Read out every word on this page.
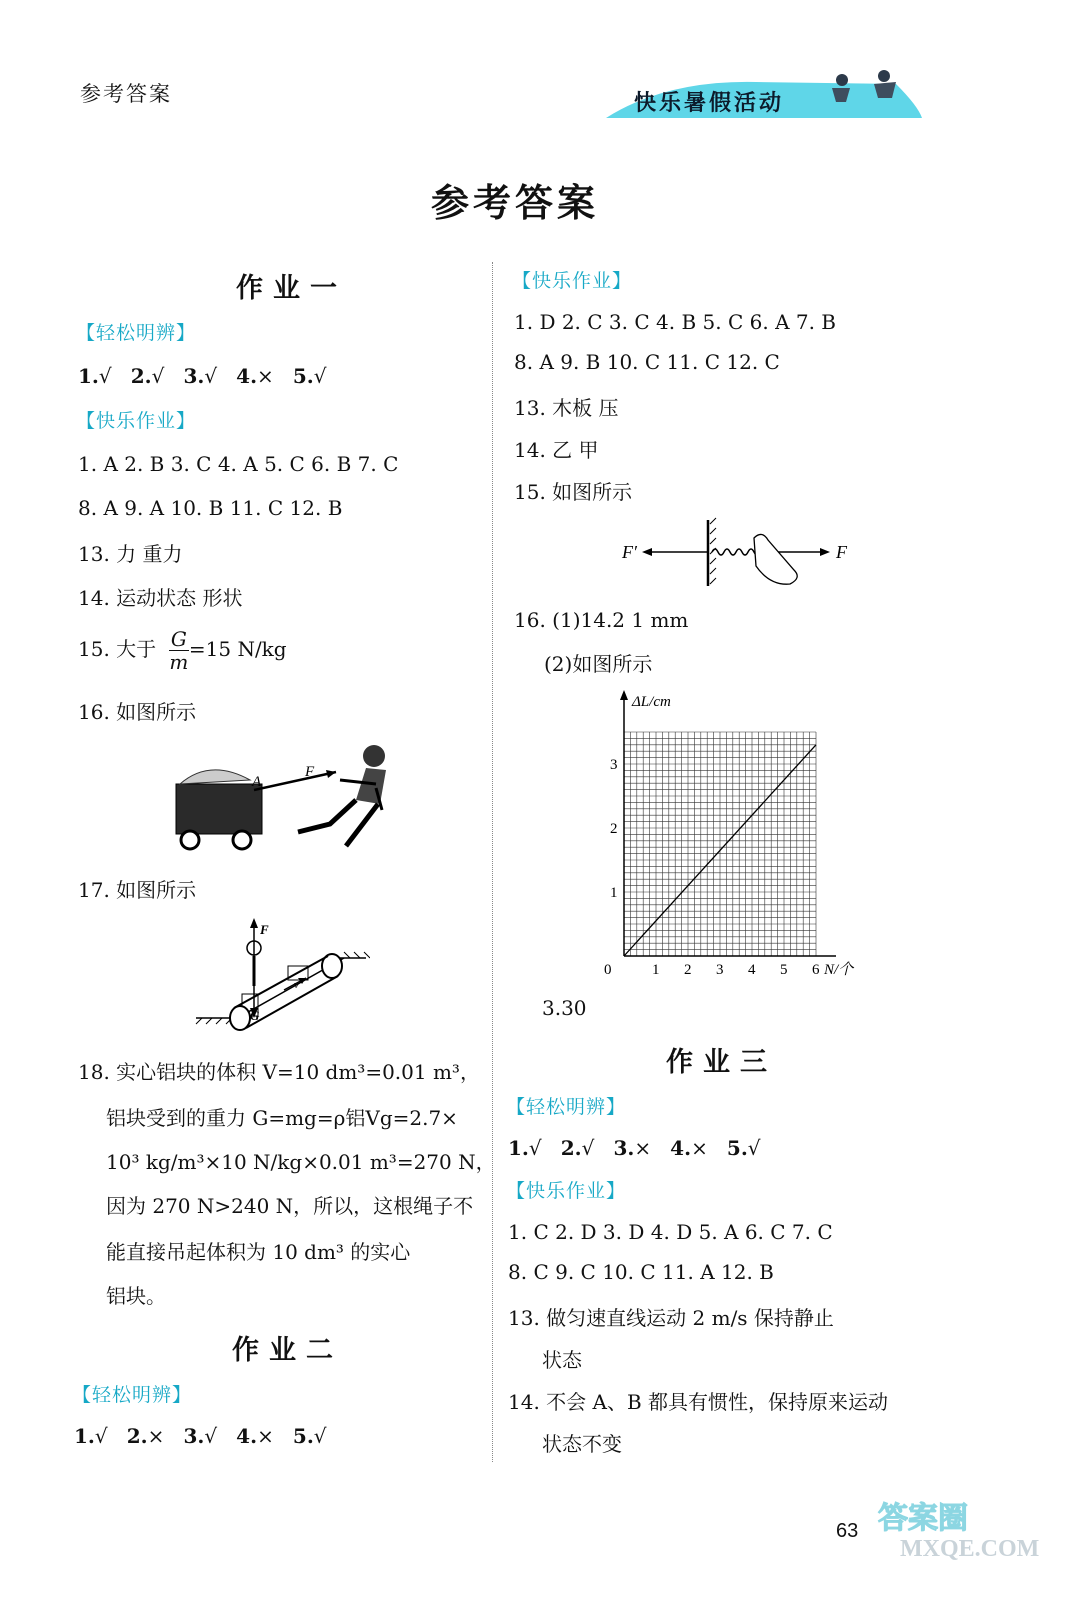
参考答案	快乐暑假活动
参考答案
作业一
【轻松明辨】
1.√ 2.√ 3.√ 4.× 5.√
【快乐作业】
1. A 2. B 3. C 4. A 5. C 6. B 7. C
8. A 9. A 10. B 11. C 12. B
13. 力 重力
14. 运动状态 形状
15. 大于 $\frac{G}{m} =15$ N/kg
16. 如图所示
A
F
17. 如图所示
F
G
v
18. 实心铝块的体积 V=10 dm³=0.01 m³，
铝块受到的重力 G=mg=ρ铝Vg=2.7×
10³ kg/m³×10 N/kg×0.01 m³=270 N，
因为 270 N>240 N，所以，这根绳子不
能直接吊起体积为 10 dm³ 的实心
铝块。
作业二
【轻松明辨】
1.√ 2.× 3.√ 4.× 5.√
【快乐作业】
1. D 2. C 3. C 4. B 5. C 6. A 7. B
8. A 9. B 10. C 11. C 12. C
13. 木板 压
14. 乙 甲
15. 如图所示
F′	F
16. (1)14.2 1 mm
(2)如图所示
ΔL/cm
N/个
0	1 2 3 4 5 6
1
2
3
3.30
作业三
【轻松明辨】
1.√ 2.√ 3.× 4.× 5.√
【快乐作业】
1. C 2. D 3. D 4. D 5. A 6. C 7. C
8. C 9. C 10. C 11. A 12. B
13. 做匀速直线运动 2 m/s 保持静止
状态
14. 不会 A、B 都具有惯性，保持原来运动
状态不变
63 答案圈
MXQE.COM
